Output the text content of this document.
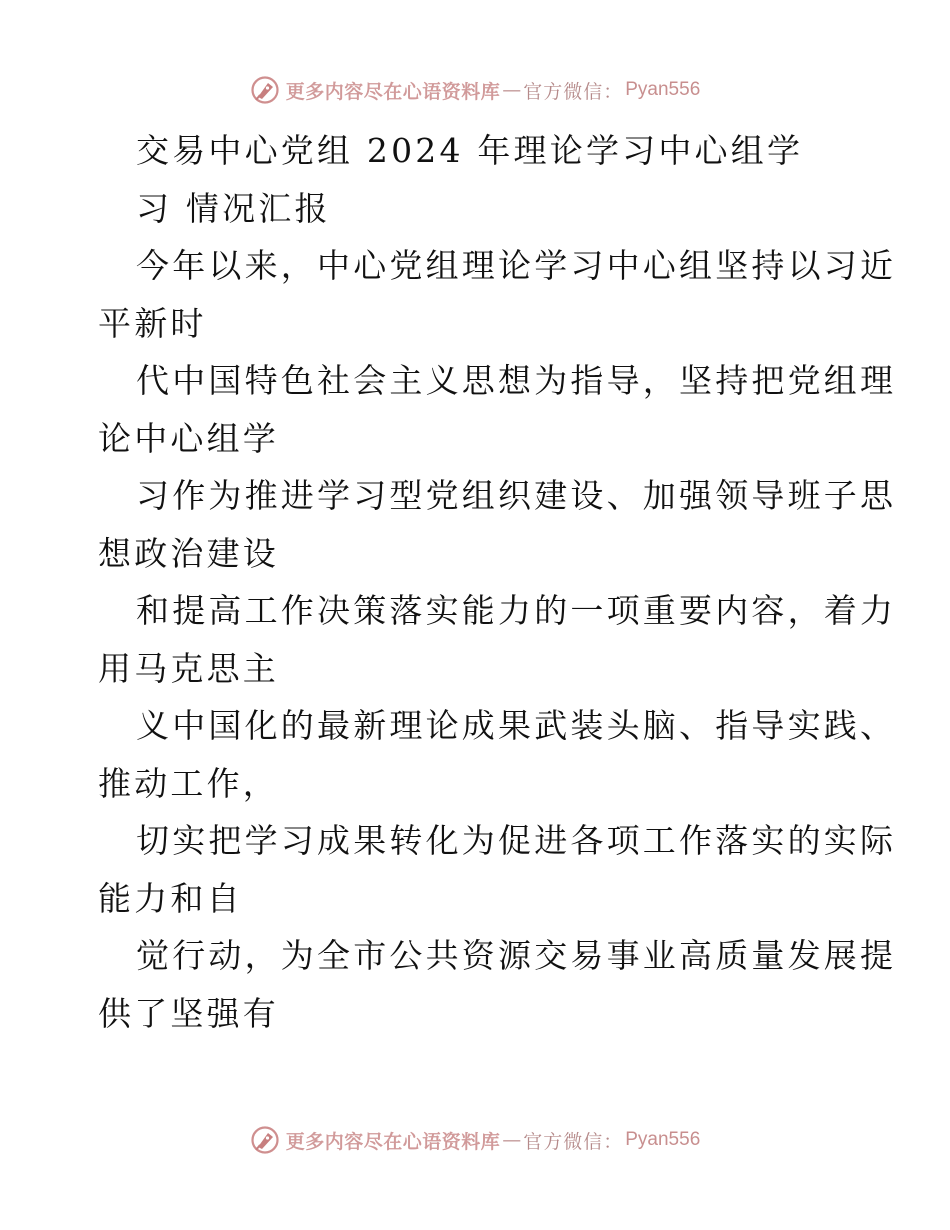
更多内容尽在心语资料库 — 官方微信： Pyan556
交易中心党组 2024 年理论学习中心组学
习 情况汇报
今年以来，中心党组理论学习中心组坚持以习近
平新时
代中国特色社会主义思想为指导，坚持把党组理
论中心组学
习作为推进学习型党组织建设、加强领导班子思
想政治建设
和提高工作决策落实能力的一项重要内容，着力
用马克思主
义中国化的最新理论成果武装头脑、指导实践、
推动工作，
切实把学习成果转化为促进各项工作落实的实际
能力和自
觉行动，为全市公共资源交易事业高质量发展提
供了坚强有
更多内容尽在心语资料库 — 官方微信： Pyan556
